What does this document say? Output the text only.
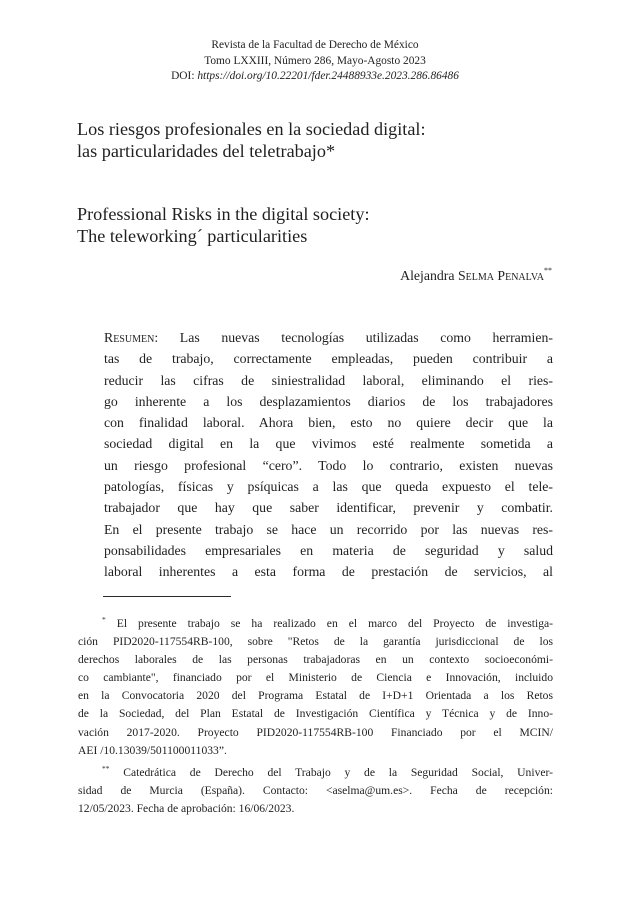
Revista de la Facultad de Derecho de México
Tomo LXXIII, Número 286, Mayo-Agosto 2023
DOI: https://doi.org/10.22201/fder.24488933e.2023.286.86486
Los riesgos profesionales en la sociedad digital:
las particularidades del teletrabajo*
Professional Risks in the digital society:
The teleworking´ particularities
Alejandra Selma Penalva**
Resumen: Las nuevas tecnologías utilizadas como herramien-
tas de trabajo, correctamente empleadas, pueden contribuir a
reducir las cifras de siniestralidad laboral, eliminando el ries-
go inherente a los desplazamientos diarios de los trabajadores
con finalidad laboral. Ahora bien, esto no quiere decir que la
sociedad digital en la que vivimos esté realmente sometida a
un riesgo profesional “cero”. Todo lo contrario, existen nuevas
patologías, físicas y psíquicas a las que queda expuesto el tele-
trabajador que hay que saber identificar, prevenir y combatir.
En el presente trabajo se hace un recorrido por las nuevas res-
ponsabilidades empresariales en materia de seguridad y salud
laboral inherentes a esta forma de prestación de servicios, al
* El presente trabajo se ha realizado en el marco del Proyecto de investiga-
ción PID2020-117554RB-100, sobre "Retos de la garantía jurisdiccional de los
derechos laborales de las personas trabajadoras en un contexto socioeconómi-
co cambiante", financiado por el Ministerio de Ciencia e Innovación, incluido
en la Convocatoria 2020 del Programa Estatal de I+D+1 Orientada a los Retos
de la Sociedad, del Plan Estatal de Investigación Científica y Técnica y de Inno-
vación 2017-2020. Proyecto PID2020-117554RB-100 Financiado por el MCIN/
AEI /10.13039/501100011033”.
** Catedrática de Derecho del Trabajo y de la Seguridad Social, Univer-
sidad de Murcia (España). Contacto: <aselma@um.es>. Fecha de recepción:
12/05/2023. Fecha de aprobación: 16/06/2023.
